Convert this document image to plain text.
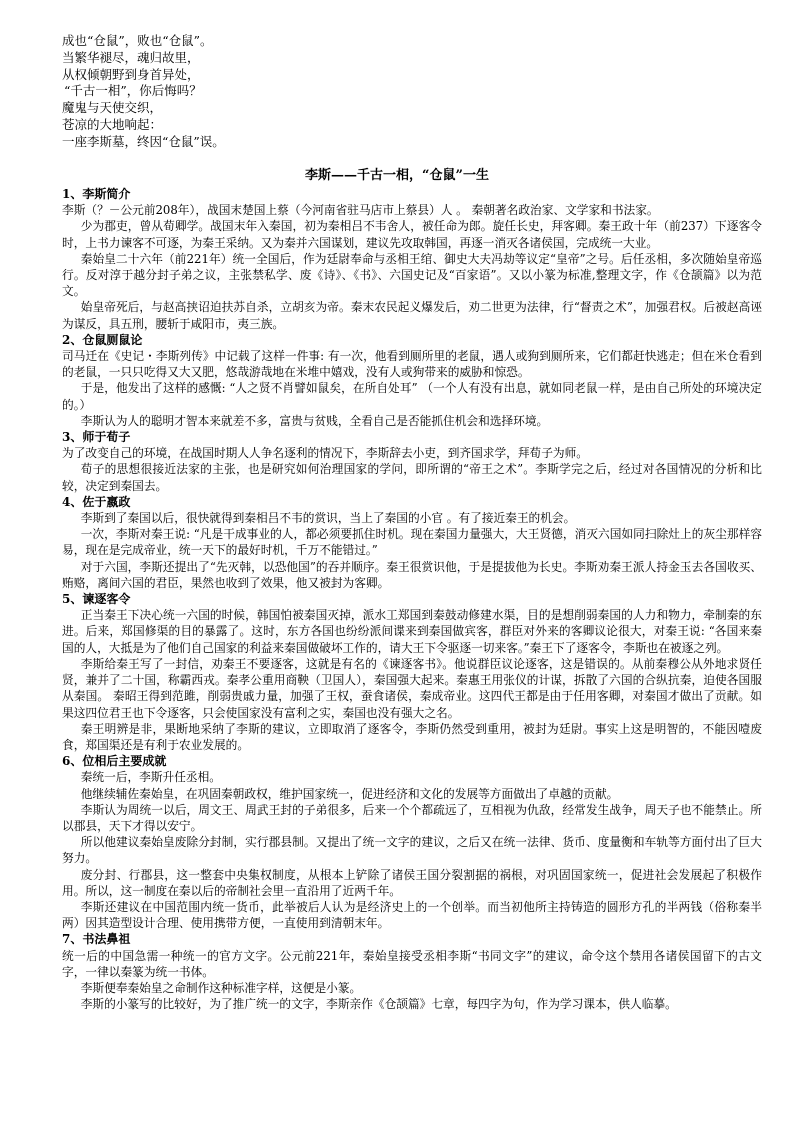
成也“仓鼠”，败也“仓鼠”。
当繁华褪尽，魂归故里，
从权倾朝野到身首异处，
“千古一相”，你后悔吗？
魔鬼与天使交织，
苍凉的大地响起：
一座李斯墓，终因“仓鼠”误。
李斯——千古一相，“仓鼠”一生
1、李斯简介
李斯（？－公元前208年），战国末楚国上蔡（今河南省驻马店市上蔡县）人 。 秦朝著名政治家、文学家和书法家。
少为郡吏，曾从荀卿学。战国末年入秦国，初为秦相吕不韦舍人，被任命为郎。旋任长史，拜客卿。秦王政十年（前237）下逐客令时，上书力谏客不可逐，为秦王采纳。又为秦并六国谋划，建议先攻取韩国，再逐一消灭各诸侯国，完成统一大业。
秦始皇二十六年（前221年）统一全国后，作为廷尉奉命与丞相王绾、御史大夫冯劫等议定“皇帝”之号。后任丞相，多次随始皇帝巡行。反对淳于越分封子弟之议，主张禁私学、废《诗》、《书》、六国史记及“百家语”。又以小篆为标准,整理文字，作《仓颉篇》以为范文。
始皇帝死后，与赵高挟诏迫扶苏自杀，立胡亥为帝。秦末农民起义爆发后，劝二世更为法律，行“督责之术”，加强君权。后被赵高诬为谋反，具五刑，腰斩于咸阳市，夷三族。
2、仓鼠厕鼠论
司马迁在《史记・李斯列传》中记载了这样一件事: 有一次，他看到厕所里的老鼠，遇人或狗到厕所来，它们都赶快逃走；但在米仓看到的老鼠，一只只吃得又大又肥，悠哉游哉地在米堆中嬉戏，没有人或狗带来的威胁和惊恐。
于是，他发出了这样的感慨: “人之贤不肖譬如鼠矣，在所自处耳” （一个人有没有出息，就如同老鼠一样，是由自己所处的环境决定的。）
李斯认为人的聪明才智本来就差不多，富贵与贫贱，全看自己是否能抓住机会和选择环境。
3、师于荀子
为了改变自己的环境，在战国时期人人争名逐利的情况下，李斯辞去小吏，到齐国求学，拜荀子为师。
荀子的思想很接近法家的主张，也是研究如何治理国家的学问，即所谓的“帝王之术”。李斯学完之后，经过对各国情况的分析和比较，决定到秦国去。
4、佐于嬴政
李斯到了秦国以后，很快就得到秦相吕不韦的赏识，当上了秦国的小官 。有了接近秦王的机会。
一次，李斯对秦王说: “凡是干成事业的人，都必须要抓住时机。现在秦国力量强大，大王贤德，消灭六国如同扫除灶上的灰尘那样容易，现在是完成帝业，统一天下的最好时机，千万不能错过。”
对于六国，李斯还提出了“先灭韩，以恐他国”的吞并顺序。秦王很赏识他，于是提拔他为长史。李斯劝秦王派人持金玉去各国收买、贿赂，离间六国的君臣，果然也收到了效果，他又被封为客卿。
5、谏逐客令
正当秦王下决心统一六国的时候，韩国怕被秦国灭掉，派水工郑国到秦鼓动修建水渠，目的是想削弱秦国的人力和物力，牵制秦的东进。后来，郑国修渠的目的暴露了。这时，东方各国也纷纷派间谍来到秦国做宾客，群臣对外来的客卿议论很大，对秦王说: “各国来秦国的人，大抵是为了他们自己国家的利益来秦国做破坏工作的，请大王下令驱逐一切来客。”秦王下了逐客令，李斯也在被逐之列。
李斯给秦王写了一封信，劝秦王不要逐客，这就是有名的《谏逐客书》。他说群臣议论逐客，这是错误的。从前秦穆公从外地求贤任贤，兼并了二十国，称霸西戎。秦孝公重用商鞅（卫国人），秦国强大起来。秦惠王用张仪的计谋，拆散了六国的合纵抗秦，迫使各国服从秦国。 秦昭王得到范雎，削弱贵戚力量，加强了王权，蚕食诸侯，秦成帝业。这四代王都是由于任用客卿，对秦国才做出了贡献。如果这四位君王也下令逐客，只会使国家没有富利之实，秦国也没有强大之名。
秦王明辨是非，果断地采纳了李斯的建议，立即取消了逐客令，李斯仍然受到重用，被封为廷尉。事实上这是明智的，不能因噎废食，郑国渠还是有利于农业发展的。
6、位相后主要成就
秦统一后，李斯升任丞相。
他继续辅佐秦始皇，在巩固秦朝政权，维护国家统一，促进经济和文化的发展等方面做出了卓越的贡献。
李斯认为周统一以后，周文王、周武王封的子弟很多，后来一个个都疏远了，互相视为仇敌，经常发生战争，周天子也不能禁止。所以郡县，天下才得以安宁。
所以他建议秦始皇废除分封制，实行郡县制。又提出了统一文字的建议，之后又在统一法律、货币、度量衡和车轨等方面付出了巨大努力。
废分封、行郡县，这一整套中央集权制度，从根本上铲除了诸侯王国分裂割据的祸根，对巩固国家统一，促进社会发展起了积极作用。所以，这一制度在秦以后的帝制社会里一直沿用了近两千年。
李斯还建议在中国范围内统一货币，此举被后人认为是经济史上的一个创举。而当初他所主持铸造的圆形方孔的半两钱（俗称秦半两）因其造型设计合理、使用携带方便，一直使用到清朝末年。
7、书法鼻祖
统一后的中国急需一种统一的官方文字。公元前221年，秦始皇接受丞相李斯“书同文字”的建议，命令这个禁用各诸侯国留下的古文字，一律以秦篆为统一书体。
李斯便奉秦始皇之命制作这种标准字样，这便是小篆。
李斯的小篆写的比较好，为了推广统一的文字，李斯亲作《仓颉篇》七章，每四字为句，作为学习课本，供人临摹。
